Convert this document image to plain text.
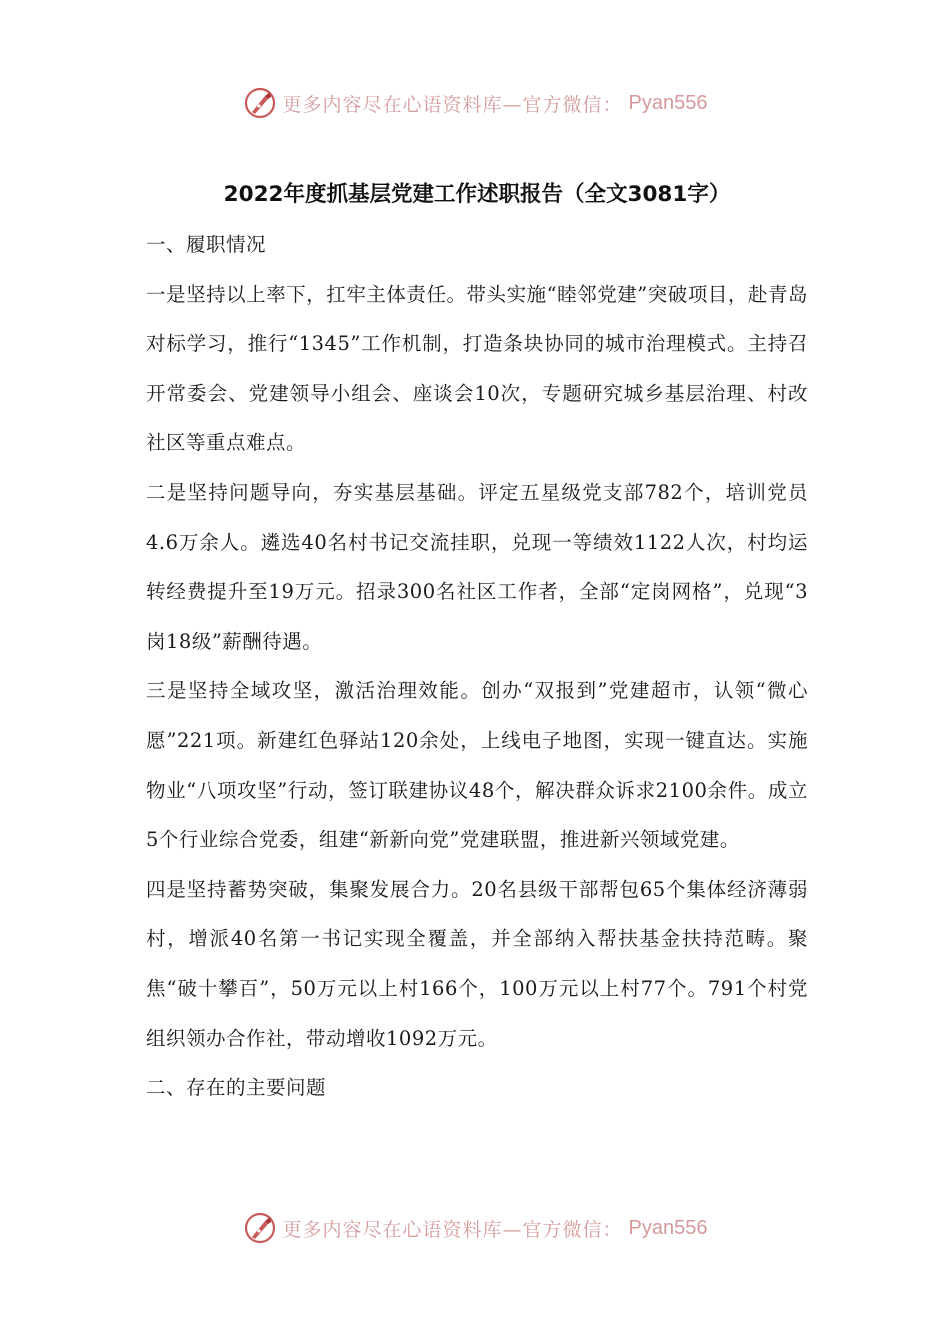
更多内容尽在心语资料库—官方微信： Pyan556
2022年度抓基层党建工作述职报告（全文3081字）

一、履职情况

一是坚持以上率下，扛牢主体责任。带头实施“睦邻党建”突破项目，赴青岛对标学习，推行“1345”工作机制，打造条块协同的城市治理模式。主持召开常委会、党建领导小组会、座谈会10次，专题研究城乡基层治理、村改社区等重点难点。

二是坚持问题导向，夯实基层基础。评定五星级党支部782个，培训党员4.6万余人。遴选40名村书记交流挂职，兑现一等绩效1122人次，村均运转经费提升至19万元。招录300名社区工作者，全部“定岗网格”，兑现“3岗18级”薪酬待遇。

三是坚持全域攻坚，激活治理效能。创办“双报到”党建超市，认领“微心愿”221项。新建红色驿站120余处，上线电子地图，实现一键直达。实施物业“八项攻坚”行动，签订联建协议48个，解决群众诉求2100余件。成立5个行业综合党委，组建“新新向党”党建联盟，推进新兴领域党建。

四是坚持蓄势突破，集聚发展合力。20名县级干部帮包65个集体经济薄弱村，增派40名第一书记实现全覆盖，并全部纳入帮扶基金扶持范畴。聚焦“破十攀百”，50万元以上村166个，100万元以上村77个。791个村党组织领办合作社，带动增收1092万元。

二、存在的主要问题

更多内容尽在心语资料库—官方微信： Pyan556
